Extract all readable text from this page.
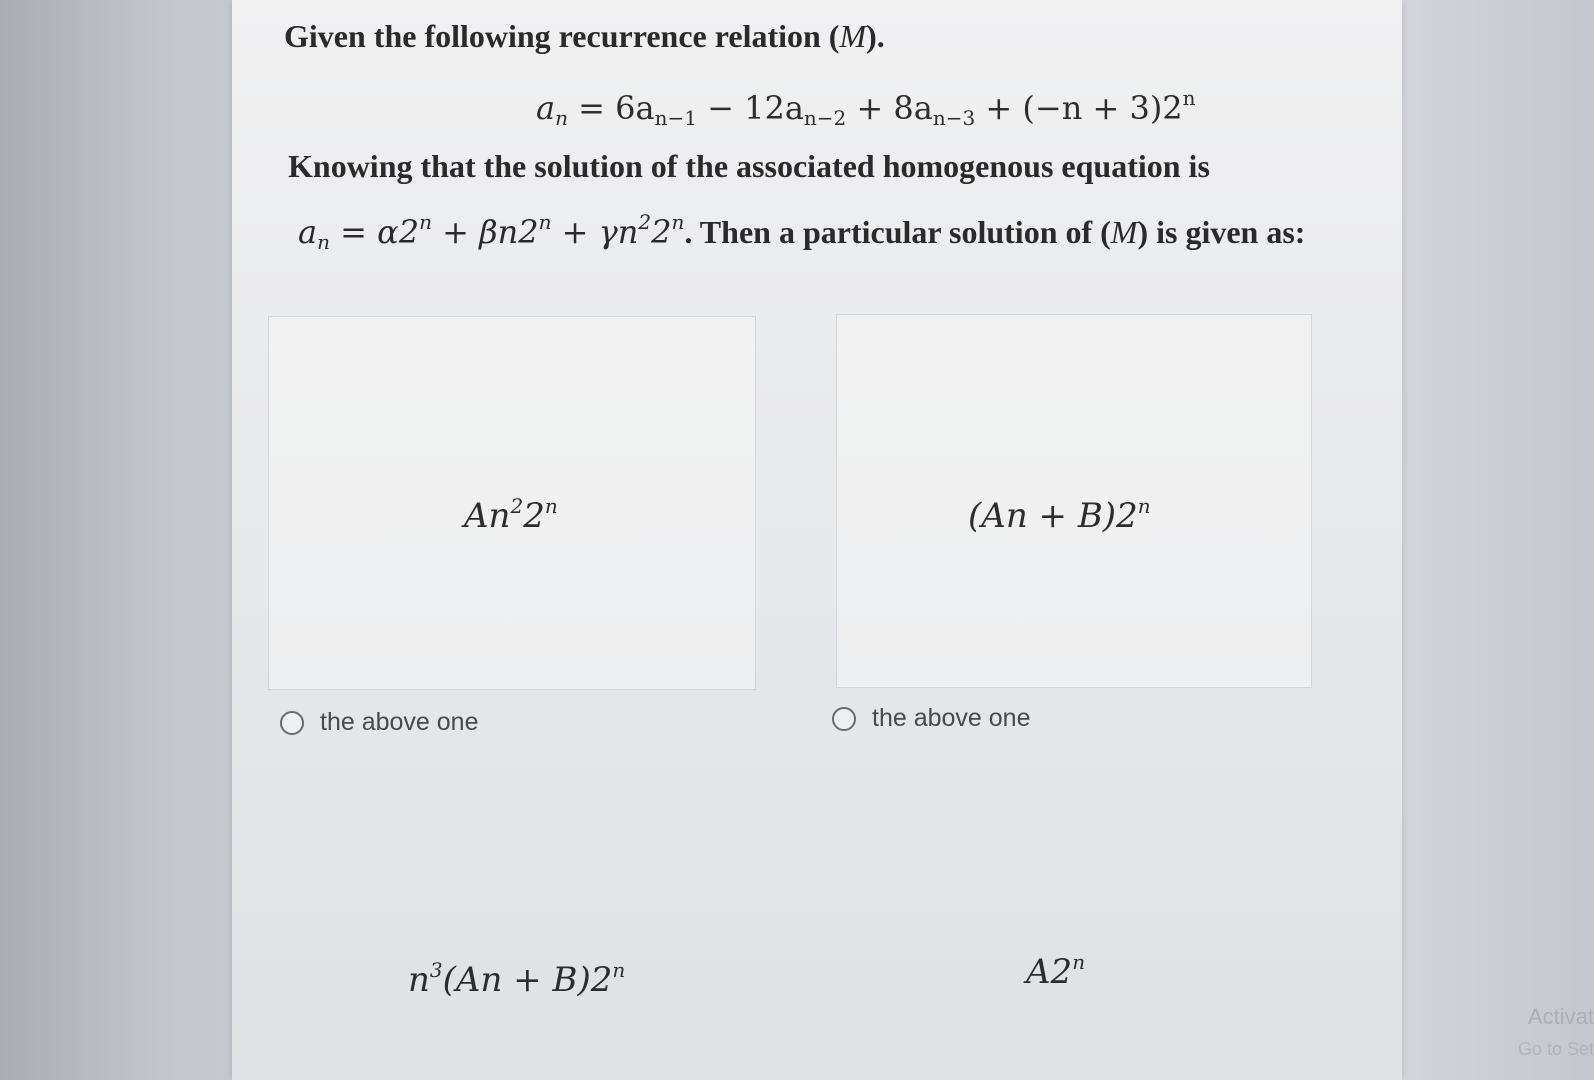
Given the following recurrence relation (M).
$a_n = 6a_{n-1} - 12a_{n-2} + 8a_{n-3} + (-n + 3)2^n$
Knowing that the solution of the associated homogenous equation is
$a_n = \alpha 2^n + \beta n2^n + \gamma n^22^n$. Then a particular solution of (M) is given as:
An$^2$2$^n$
the above one
$(An + B)2^n$
the above one
$n^3(An + B)2^n$	A2$^n$
Activat
Go to Set
